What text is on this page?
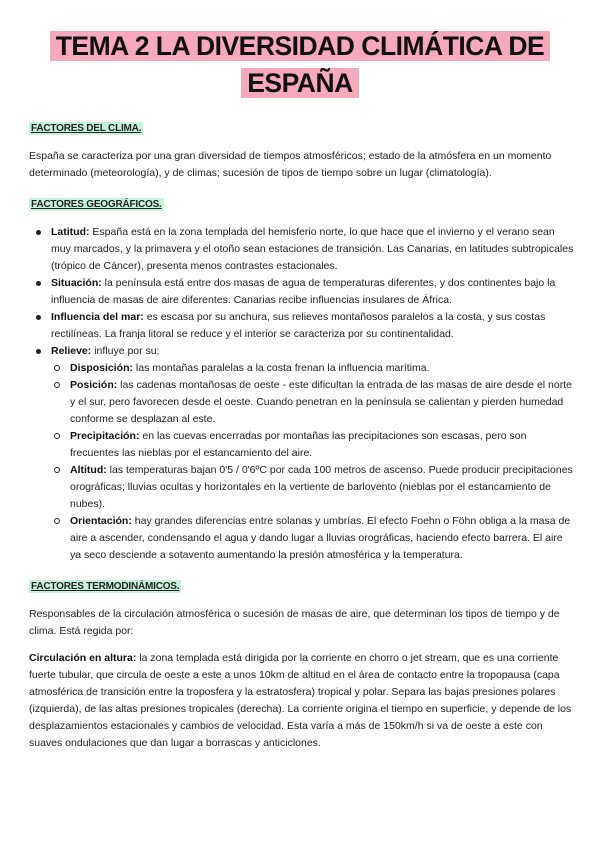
TEMA 2 LA DIVERSIDAD CLIMÁTICA DE
ESPAÑA
FACTORES DEL CLIMA.

España se caracteriza por una gran diversidad de tiempos atmosféricos; estado de la atmósfera en un momento determinado (meteorología), y de climas; sucesión de tipos de tiempo sobre un lugar (climatología).

FACTORES GEOGRÁFICOS.
Latitud: España está en la zona templada del hemisferio norte, lo que hace que el invierno y el verano sean muy marcados, y la primavera y el otoño sean estaciones de transición. Las Canarias, en latitudes subtropicales (trópico de Cáncer), presenta menos contrastes estacionales.
Situación: la península está entre dos masas de agua de temperaturas diferentes, y dos continentes bajo la influencia de masas de aire diferentes. Canarias recibe influencias insulares de África.
Influencia del mar: es escasa por su anchura, sus relieves montañosos paralelos a la costa, y sus costas rectilíneas. La franja litoral se reduce y el interior se caracteriza por su continentalidad.
Relieve: influye por su:
Disposición: las montañas paralelas a la costa frenan la influencia marítima.
Posición: las cadenas montañosas de oeste - este dificultan la entrada de las masas de aire desde el norte y el sur, pero favorecen desde el oeste. Cuando penetran en la península se calientan y pierden humedad conforme se desplazan al este.
Precipitación: en las cuevas encerradas por montañas las precipitaciones son escasas, pero son frecuentes las nieblas por el estancamiento del aire.
Altitud: las temperaturas bajan 0'5 / 0'6ºC por cada 100 metros de ascenso. Puede producir precipitaciones orográficas; lluvias ocultas y horizontales en la vertiente de barlovento (nieblas por el estancamiento de nubes).
Orientación: hay grandes diferencias entre solanas y umbrías. El efecto Foehn o Föhn obliga a la masa de aire a ascender, condensando el agua y dando lugar a lluvias orográficas, haciendo efecto barrera. El aire ya seco desciende a sotavento aumentando la presión atmosférica y la temperatura.
FACTORES TERMODINÁMICOS.

Responsables de la circulación atmosférica o sucesión de masas de aire, que determinan los tipos de tiempo y de clima. Está regida por:

Circulación en altura: la zona templada está dirigida por la corriente en chorro o jet stream, que es una corriente fuerte tubular, que circula de oeste a este a unos 10km de altitud en el área de contacto entre la tropopausa (capa atmosférica de transición entre la troposfera y la estratosfera) tropical y polar. Separa las bajas presiones polares (izquierda), de las altas presiones tropicales (derecha). La corriente origina el tiempo en superficie, y depende de los desplazamientos estacionales y cambios de velocidad. Esta varía a más de 150km/h si va de oeste a este con suaves ondulaciones que dan lugar a borrascas y anticiclones.
